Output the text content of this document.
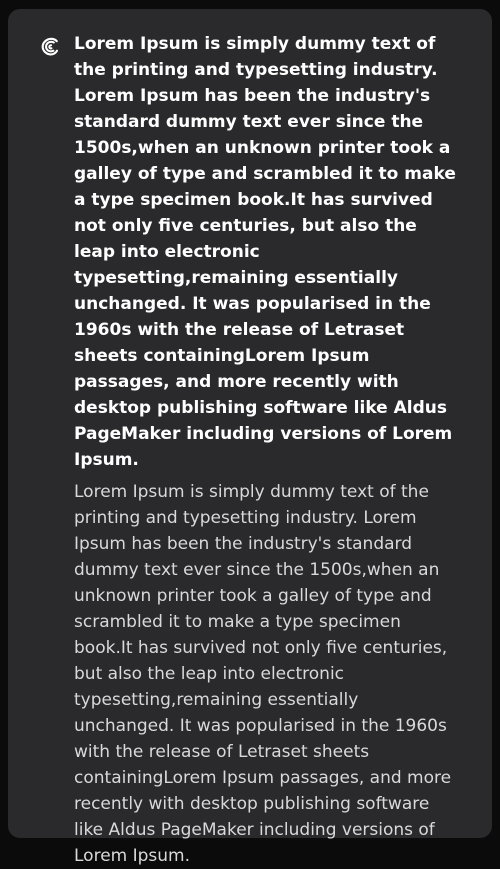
Lorem Ipsum is simply dummy text of the printing and typesetting industry. Lorem Ipsum has been the industry's standard dummy text ever since the 1500s,when an unknown printer took a galley of type and scrambled it to make a type specimen book.It has survived not only five centuries, but also the leap into electronic typesetting,remaining essentially unchanged. It was popularised in the 1960s with the release of Letraset sheets containingLorem Ipsum passages, and more recently with desktop publishing software like Aldus PageMaker including versions of Lorem Ipsum.

Lorem Ipsum is simply dummy text of the printing and typesetting industry. Lorem Ipsum has been the industry's standard dummy text ever since the 1500s,when an unknown printer took a galley of type and scrambled it to make a type specimen book.It has survived not only five centuries, but also the leap into electronic typesetting,remaining essentially unchanged. It was popularised in the 1960s with the release of Letraset sheets containingLorem Ipsum passages, and more recently with desktop publishing software like Aldus PageMaker including versions of Lorem Ipsum.
